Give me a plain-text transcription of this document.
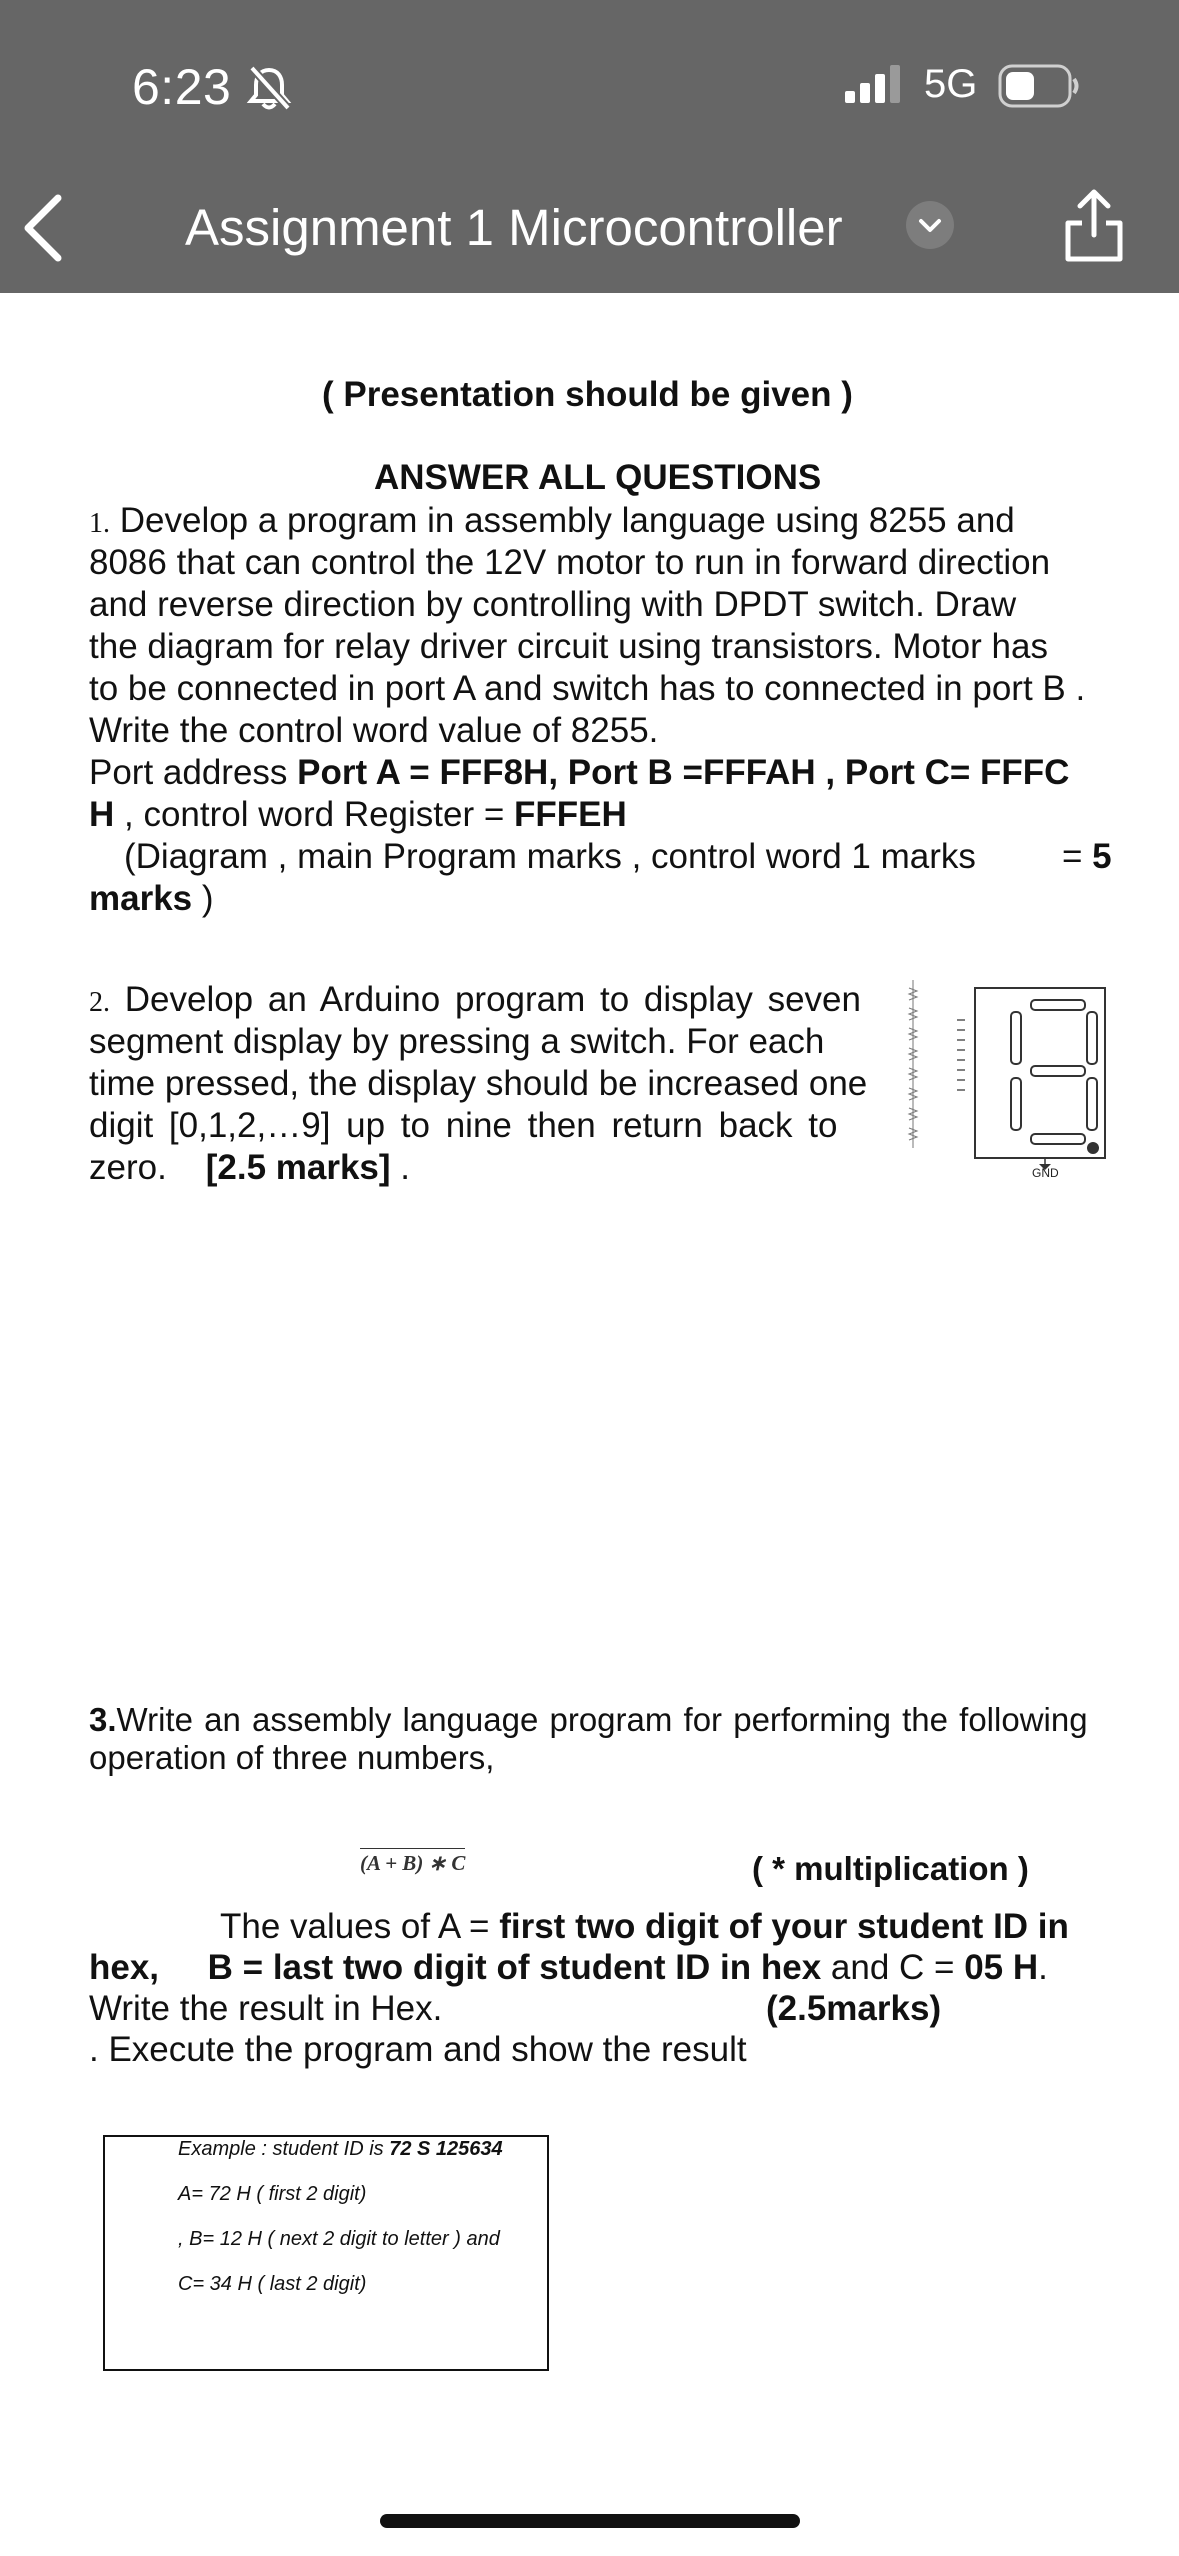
6:23	5G
Assignment 1 Microcontroller
( Presentation should be given )
ANSWER ALL QUESTIONS
1. Develop a program in assembly language using 8255 and
8086 that can control the 12V motor to run in forward direction
and reverse direction by controlling with DPDT switch. Draw
the diagram for relay driver circuit using transistors. Motor has
to be connected in port A and switch has to connected in port B .
Write the control word value of 8255.
Port address Port A = FFF8H, Port B =FFFAH , Port C= FFFC
H , control word Register = FFFEH
(Diagram , main Program marks , control word 1 marks = 5
marks )
2. Develop an Arduino program to display seven
segment display by pressing a switch. For each
time pressed, the display should be increased one
digit [0,1,2,…9] up to nine then return back to
zero. [2.5 marks] .	GND
3.Write an assembly language program for performing the following
operation of three numbers,
(A + B) ∗ C	( * multiplication )
The values of A = first two digit of your student ID in
hex, B = last two digit of student ID in hex and C = 05 H.
Write the result in Hex.	(2.5marks)
. Execute the program and show the result
Example : student ID is 72 S 125634
A= 72 H ( first 2 digit)
, B= 12 H ( next 2 digit to letter ) and
C= 34 H ( last 2 digit)
